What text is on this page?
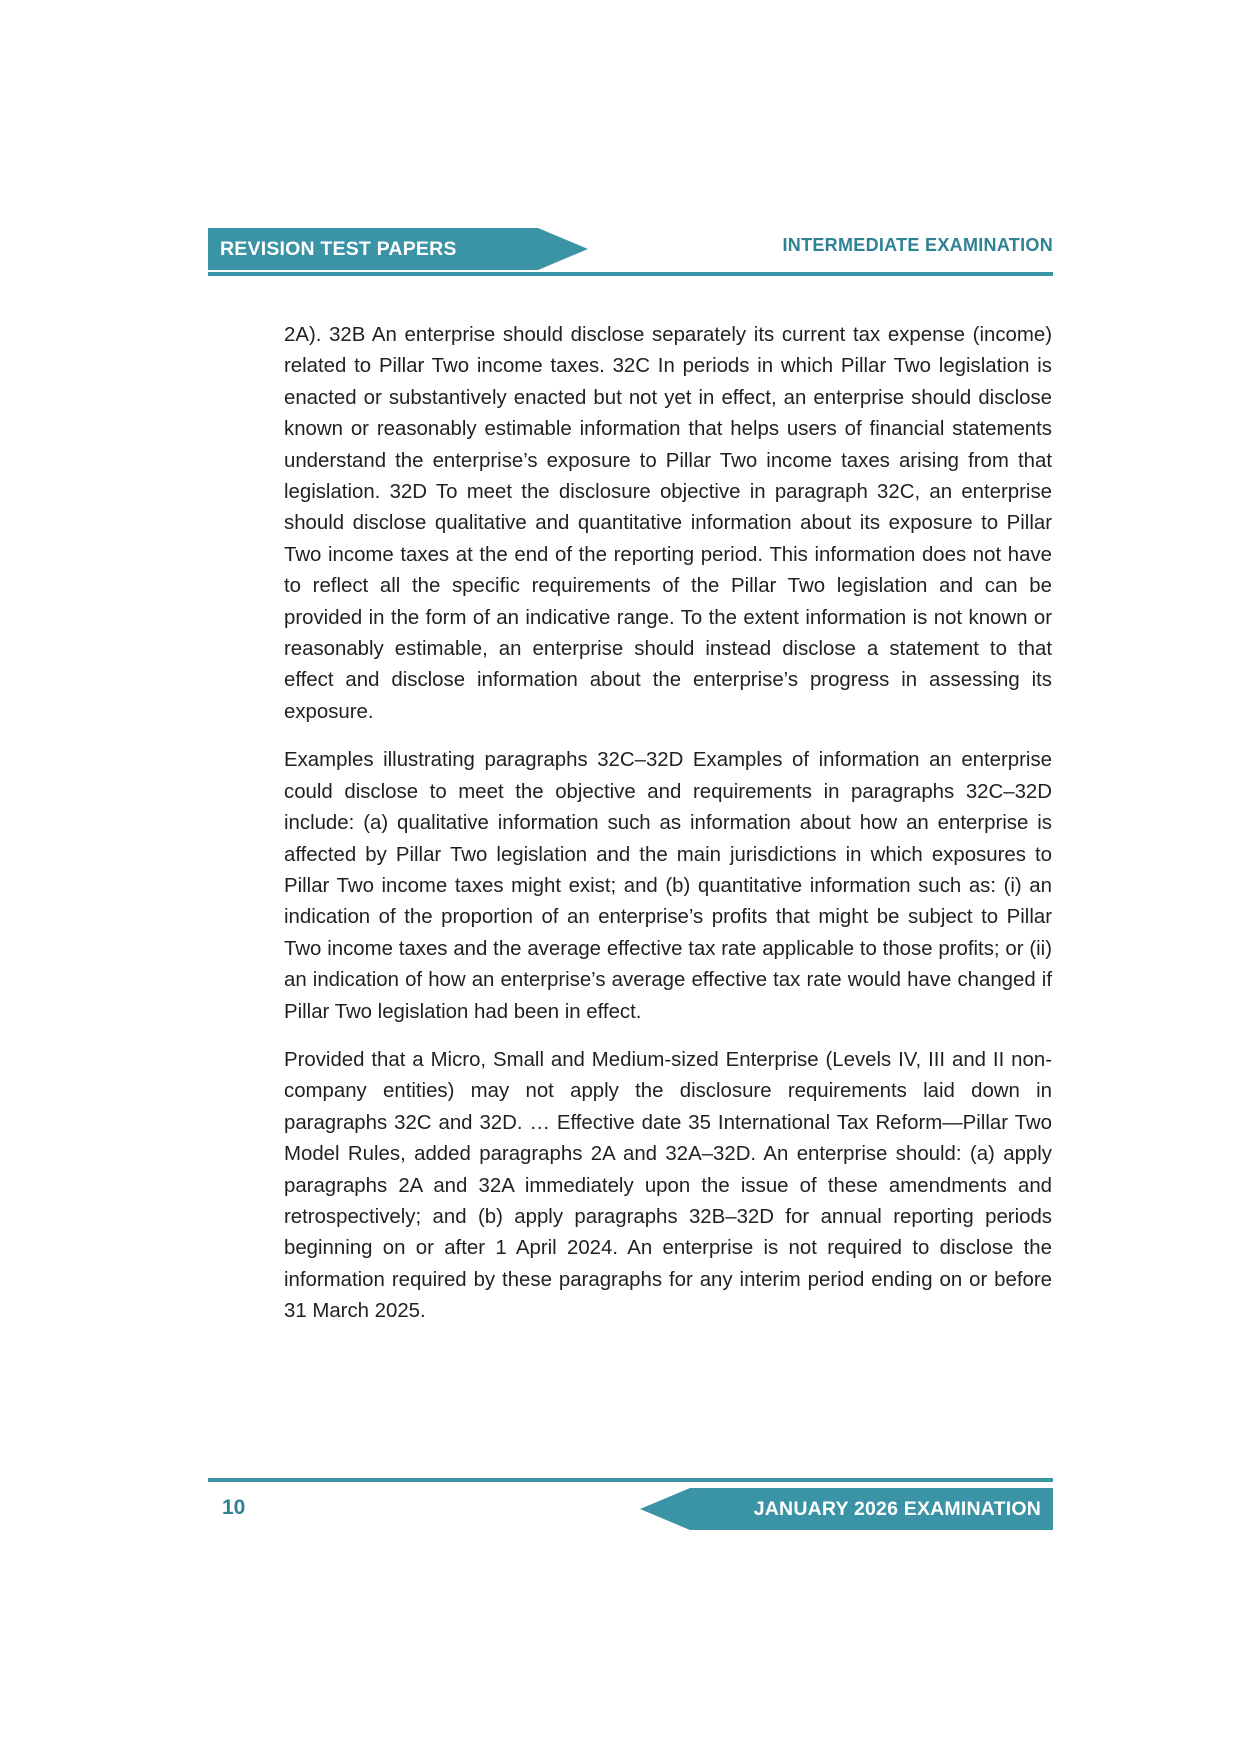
REVISION TEST PAPERS	INTERMEDIATE EXAMINATION

2A). 32B An enterprise should disclose separately its current tax expense (income) related to Pillar Two income taxes. 32C In periods in which Pillar Two legislation is enacted or substantively enacted but not yet in effect, an enterprise should disclose known or reasonably estimable information that helps users of financial statements understand the enterprise’s exposure to Pillar Two income taxes arising from that legislation. 32D To meet the disclosure objective in paragraph 32C, an enterprise should disclose qualitative and quantitative information about its exposure to Pillar Two income taxes at the end of the reporting period. This information does not have to reflect all the specific requirements of the Pillar Two legislation and can be provided in the form of an indicative range. To the extent information is not known or reasonably estimable, an enterprise should instead disclose a statement to that effect and disclose information about the enterprise’s progress in assessing its exposure.

Examples illustrating paragraphs 32C–32D Examples of information an enterprise could disclose to meet the objective and requirements in paragraphs 32C–32D include: (a) qualitative information such as information about how an enterprise is affected by Pillar Two legislation and the main jurisdictions in which exposures to Pillar Two income taxes might exist; and (b) quantitative information such as: (i) an indication of the proportion of an enterprise’s profits that might be subject to Pillar Two income taxes and the average effective tax rate applicable to those profits; or (ii) an indication of how an enterprise’s average effective tax rate would have changed if Pillar Two legislation had been in effect.

Provided that a Micro, Small and Medium-sized Enterprise (Levels IV, III and II non-company entities) may not apply the disclosure requirements laid down in paragraphs 32C and 32D. … Effective date 35 International Tax Reform—Pillar Two Model Rules, added paragraphs 2A and 32A–32D. An enterprise should: (a) apply paragraphs 2A and 32A immediately upon the issue of these amendments and retrospectively; and (b) apply paragraphs 32B–32D for annual reporting periods beginning on or after 1 April 2024. An enterprise is not required to disclose the information required by these paragraphs for any interim period ending on or before 31 March 2025.

10	JANUARY 2026 EXAMINATION
